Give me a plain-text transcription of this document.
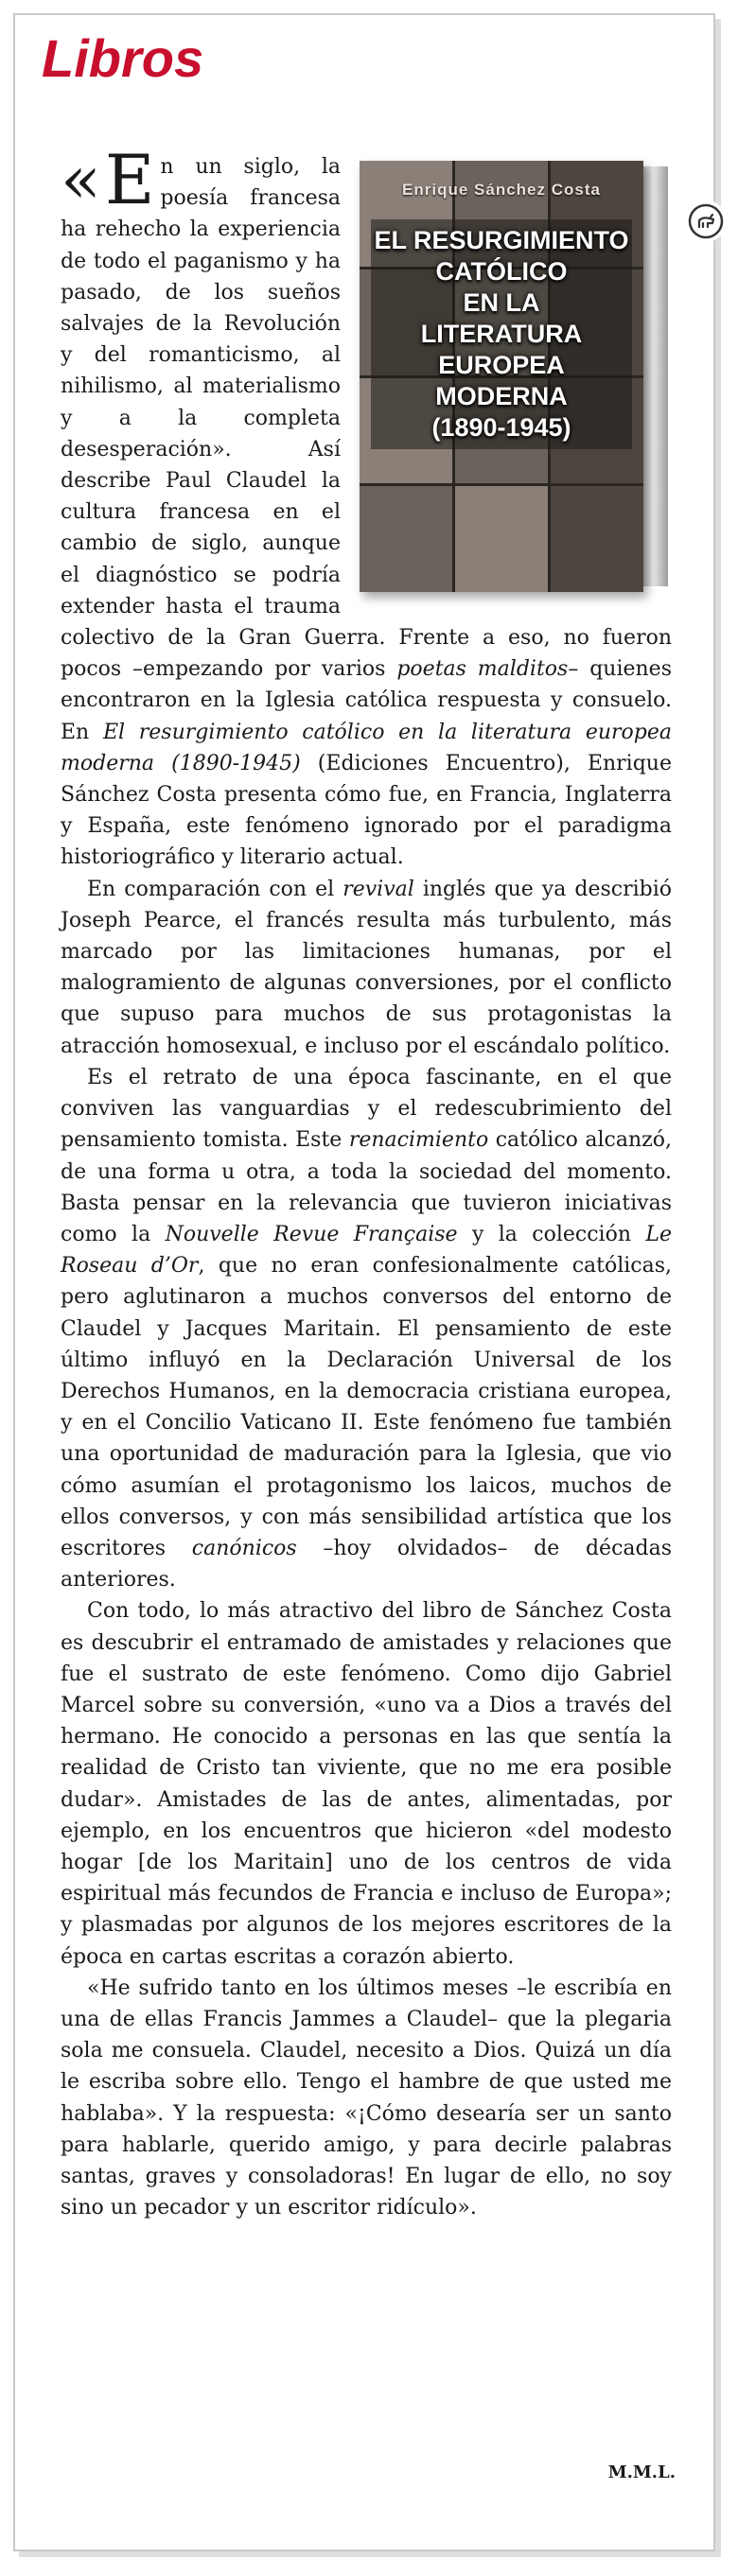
Libros
Enrique Sánchez Costa
EL RESURGIMIENTO
CATÓLICO
EN LA
LITERATURA
EUROPEA
MODERNA
(1890-1945)

« E n un siglo, la poesía francesa ha rehecho la experiencia de todo el paganismo y ha pasado, de los sueños salvajes de la Revolución y del romanticismo, al nihilismo, al materialismo y a la completa desesperación». Así describe Paul Claudel la cultura francesa en el cambio de siglo, aunque el diagnóstico se podría extender hasta el trauma colectivo de la Gran Guerra. Frente a eso, no fueron pocos –empezando por varios poetas malditos– quienes encontraron en la Iglesia católica respuesta y consuelo. En El resurgimiento católico en la literatura europea moderna (1890-1945) (Ediciones Encuentro), Enrique Sánchez Costa presenta cómo fue, en Francia, Inglaterra y España, este fenómeno ignorado por el paradigma historiográfico y literario actual.

En comparación con el revival inglés que ya describió Joseph Pearce, el francés resulta más turbulento, más marcado por las limitaciones humanas, por el malogramiento de algunas conversiones, por el conflicto que supuso para muchos de sus protagonistas la atracción homosexual, e incluso por el escándalo político.

Es el retrato de una época fascinante, en el que conviven las vanguardias y el redescubrimiento del pensamiento tomista. Este renacimiento católico alcanzó, de una forma u otra, a toda la sociedad del momento. Basta pensar en la relevancia que tuvieron iniciativas como la Nouvelle Revue Française y la colección Le Roseau d’Or, que no eran confesionalmente católicas, pero aglutinaron a muchos conversos del entorno de Claudel y Jacques Maritain. El pensamiento de este último influyó en la Declaración Universal de los Derechos Humanos, en la democracia cristiana europea, y en el Concilio Vaticano II. Este fenómeno fue también una oportunidad de maduración para la Iglesia, que vio cómo asumían el protagonismo los laicos, muchos de ellos conversos, y con más sensibilidad artística que los escritores canónicos –hoy olvidados– de décadas anteriores.

Con todo, lo más atractivo del libro de Sánchez Costa es descubrir el entramado de amistades y relaciones que fue el sustrato de este fenómeno. Como dijo Gabriel Marcel sobre su conversión, «uno va a Dios a través del hermano. He conocido a personas en las que sentía la realidad de Cristo tan viviente, que no me era posible dudar». Amistades de las de antes, alimentadas, por ejemplo, en los encuentros que hicieron «del modesto hogar [de los Maritain] uno de los centros de vida espiritual más fecundos de Francia e incluso de Europa»; y plasmadas por algunos de los mejores escritores de la época en cartas escritas a corazón abierto.

«He sufrido tanto en los últimos meses –le escribía en una de ellas Francis Jammes a Claudel– que la plegaria sola me consuela. Claudel, necesito a Dios. Quizá un día le escriba sobre ello. Tengo el hambre de que usted me hablaba». Y la respuesta: «¡Cómo desearía ser un santo para hablarle, querido amigo, y para decirle palabras santas, graves y consoladoras! En lugar de ello, no soy sino un pecador y un escritor ridículo».

M.M.L.
